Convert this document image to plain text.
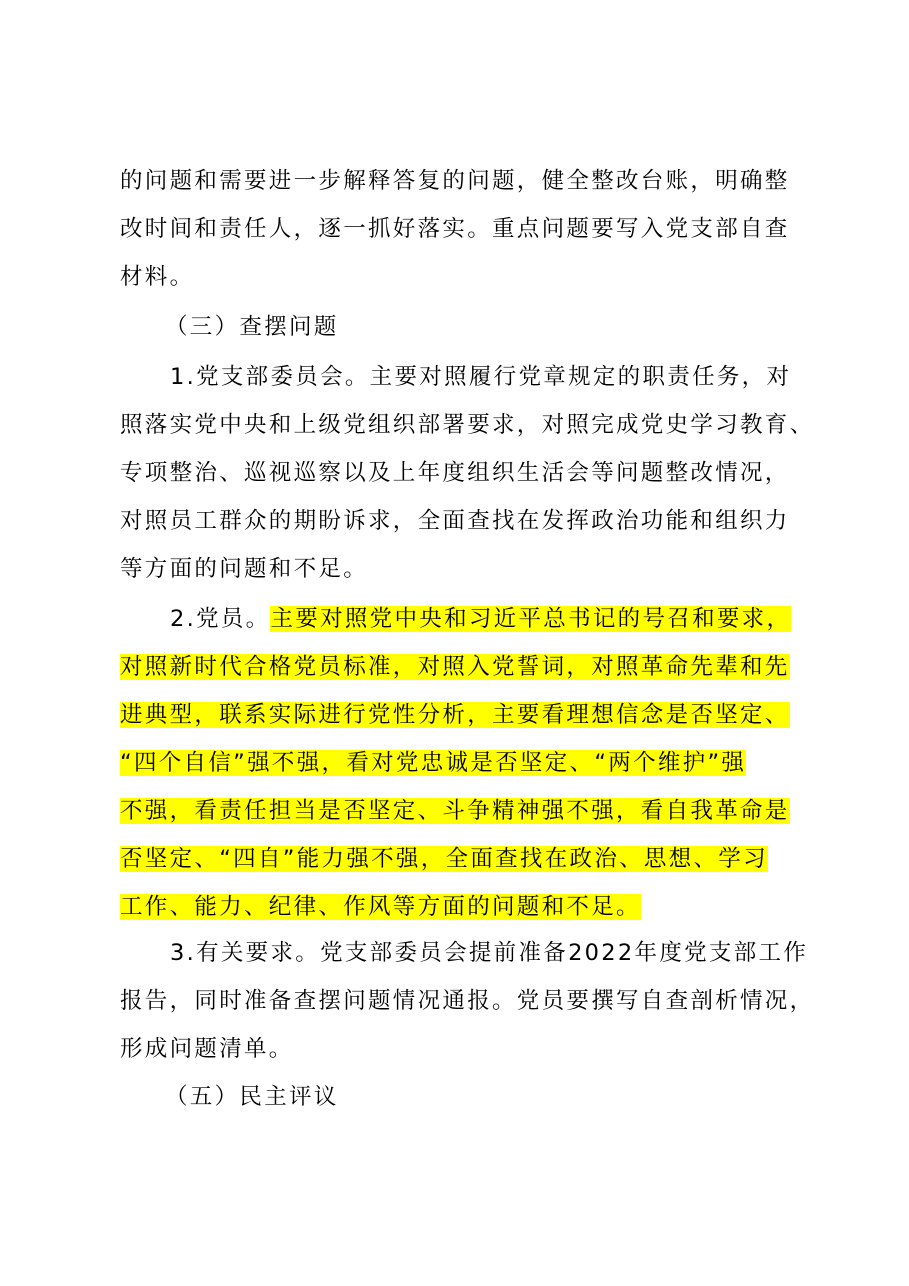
的问题和需要进一步解释答复的问题，健全整改台账，明确整
改时间和责任人，逐一抓好落实。重点问题要写入党支部自查
材料。
（三）查摆问题
1.党支部委员会。主要对照履行党章规定的职责任务，对
照落实党中央和上级党组织部署要求，对照完成党史学习教育、
专项整治、巡视巡察以及上年度组织生活会等问题整改情况，
对照员工群众的期盼诉求，全面查找在发挥政治功能和组织力
等方面的问题和不足。
2.党员。主要对照党中央和习近平总书记的号召和要求，
对照新时代合格党员标准，对照入党誓词，对照革命先辈和先
进典型，联系实际进行党性分析，主要看理想信念是否坚定、
“四个自信”强不强，看对党忠诚是否坚定、“两个维护”强
不强，看责任担当是否坚定、斗争精神强不强，看自我革命是
否坚定、“四自”能力强不强，全面查找在政治、思想、学习
工作、能力、纪律、作风等方面的问题和不足。
3.有关要求。党支部委员会提前准备2022年度党支部工作
报告，同时准备查摆问题情况通报。党员要撰写自查剖析情况，
形成问题清单。
（五）民主评议
